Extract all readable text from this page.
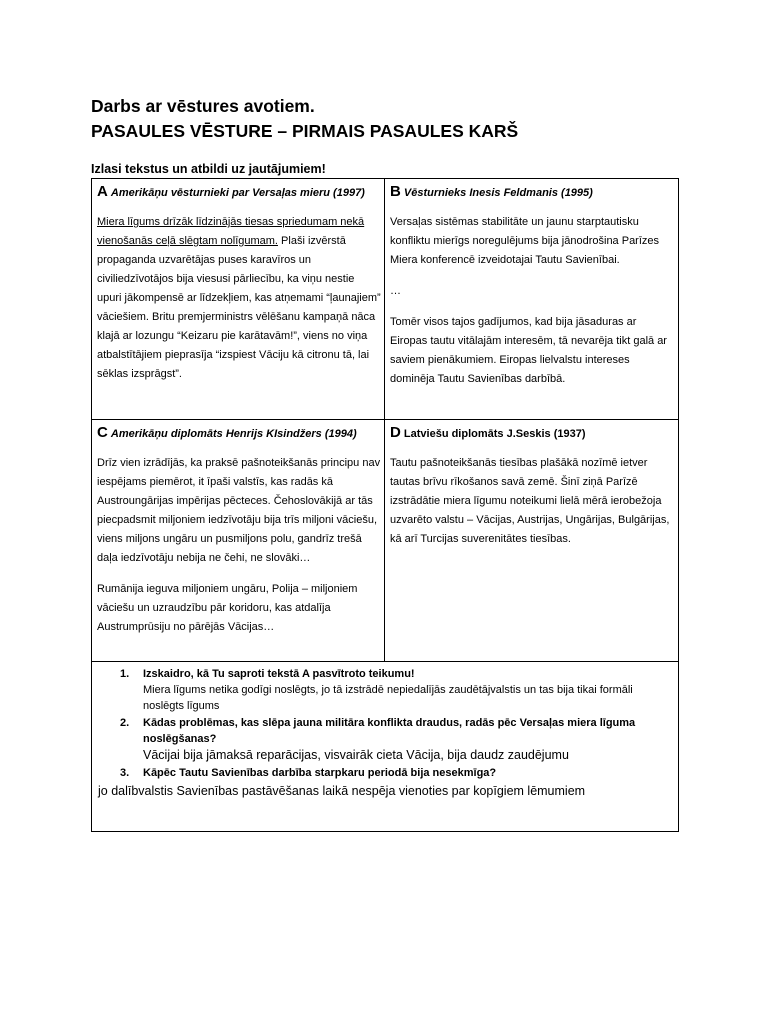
Darbs ar vēstures avotiem.
PASAULES VĒSTURE – PIRMAIS PASAULES KARŠ
Izlasi tekstus un atbildi uz jautājumiem!
A Amerikāņu vēsturnieki par Versaļas mieru (1997)
Miera līgums drīzāk līdzinājās tiesas spriedumam nekā vienošanās ceļā slēgtam nolīgumam. Plaši izvērstā propaganda uzvarētājas puses karavīros un civiliedzīvotājos bija viesusi pārliecību, ka viņu nestie upuri jākompensē ar līdzekļiem, kas atņemami “ļaunajiem” vāciešiem. Britu premjerministrs vēlēšanu kampaņā nāca klajā ar lozungu “Keizaru pie karātavām!”, viens no viņa atbalstītājiem pieprasīja “izspiest Vāciju kā citronu tā, lai sēklas izsprāgst”.
B Vēsturnieks Inesis Feldmanis (1995)
Versaļas sistēmas stabilitāte un jaunu starptautisku konfliktu mierīgs noregulējums bija jānodrošina Parīzes Miera konferencē izveidotajai Tautu Savienībai.
…
Tomēr visos tajos gadījumos, kad bija jāsaduras ar Eiropas tautu vitālajām interesēm, tā nevarēja tikt galā ar saviem pienākumiem. Eiropas lielvalstu intereses dominēja Tautu Savienības darbībā.
C Amerikāņu diplomāts Henrijs KIsindžers (1994)
Drīz vien izrādījās, ka praksē pašnoteikšanās principu nav iespējams piemērot, it īpaši valstīs, kas radās kā Austroungārijas impērijas pēcteces. Čehoslovākijā ar tās piecpadsmit miljoniem iedzīvotāju bija trīs miljoni vāciešu, viens miljons ungāru un pusmiljons polu, gandrīz trešā daļa iedzīvotāju nebija ne čehi, ne slovāki…
Rumānija ieguva miljoniem ungāru, Polija – miljoniem vāciešu un uzraudzību pār koridoru, kas atdalīja Austrumprūsiju no pārējās Vācijas…
D Latviešu diplomāts J.Seskis (1937)
Tautu pašnoteikšanās tiesības plašākā nozīmē ietver tautas brīvu rīkošanos savā zemē. Šinī ziņā Parīzē izstrādātie miera līgumu noteikumi lielā mērā ierobežoja uzvarēto valstu – Vācijas, Austrijas, Ungārijas, Bulgārijas, kā arī Turcijas suverenitātes tiesības.
1. Izskaidro, kā Tu saproti tekstā A pasvītroto teikumu!
Miera līgums netika godīgi noslēgts, jo tā izstrādē nepiedalījās zaudētājvalstis un tas bija tikai formāli noslēgts līgums
2. Kādas problēmas, kas slēpa jauna militāra konflikta draudus, radās pēc Versaļas miera līguma noslēgšanas?
Vācijai bija jāmaksā reparācijas, visvairāk cieta Vācija, bija daudz zaudējumu
3. Kāpēc Tautu Savienības darbība starpkaru periodā bija nesekmīga?
jo dalībvalstis Savienības pastāvēšanas laikā nespēja vienoties par kopīgiem lēmumiem
